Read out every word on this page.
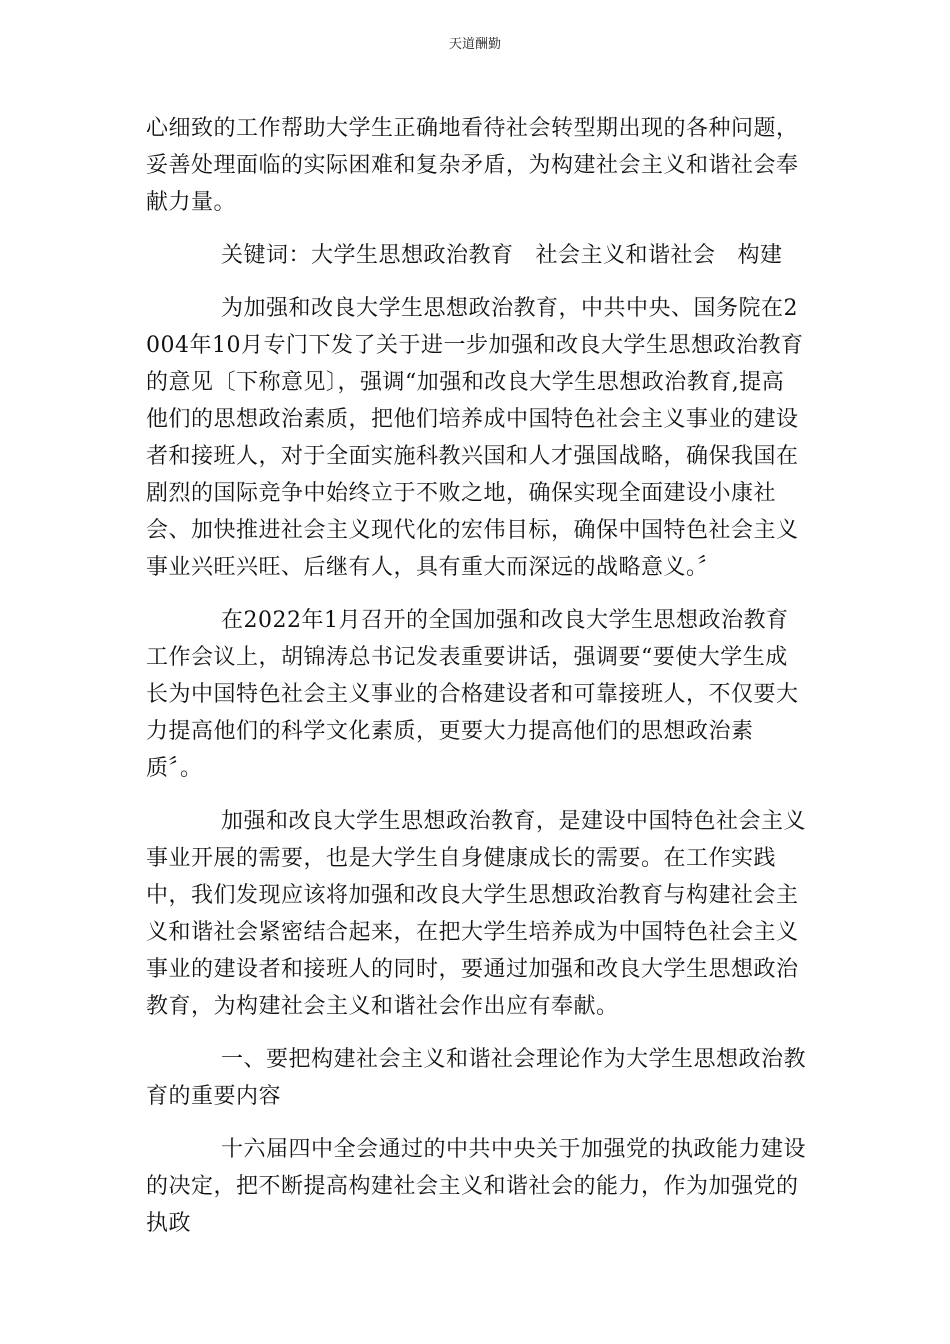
天道酬勤

心细致的工作帮助大学生正确地看待社会转型期出现的各种问题，妥善处理面临的实际困难和复杂矛盾，为构建社会主义和谐社会奉献力量。

关键词：大学生思想政治教育 社会主义和谐社会 构建

为加强和改良大学生思想政治教育，中共中央、国务院在2004年10月专门下发了关于进一步加强和改良大学生思想政治教育的意见〔下称意见〕，强调“加强和改良大学生思想政治教育,提高他们的思想政治素质，把他们培养成中国特色社会主义事业的建设者和接班人，对于全面实施科教兴国和人才强国战略，确保我国在剧烈的国际竞争中始终立于不败之地，确保实现全面建设小康社会、加快推进社会主义现代化的宏伟目标，确保中国特色社会主义事业兴旺兴旺、后继有人，具有重大而深远的战略意义。〞

在2022年1月召开的全国加强和改良大学生思想政治教育工作会议上，胡锦涛总书记发表重要讲话，强调要“要使大学生成长为中国特色社会主义事业的合格建设者和可靠接班人，不仅要大力提高他们的科学文化素质，更要大力提高他们的思想政治素质〞。

加强和改良大学生思想政治教育，是建设中国特色社会主义事业开展的需要，也是大学生自身健康成长的需要。在工作实践中，我们发现应该将加强和改良大学生思想政治教育与构建社会主义和谐社会紧密结合起来，在把大学生培养成为中国特色社会主义事业的建设者和接班人的同时，要通过加强和改良大学生思想政治教育，为构建社会主义和谐社会作出应有奉献。

一、要把构建社会主义和谐社会理论作为大学生思想政治教育的重要内容

十六届四中全会通过的中共中央关于加强党的执政能力建设的决定，把不断提高构建社会主义和谐社会的能力，作为加强党的执政
